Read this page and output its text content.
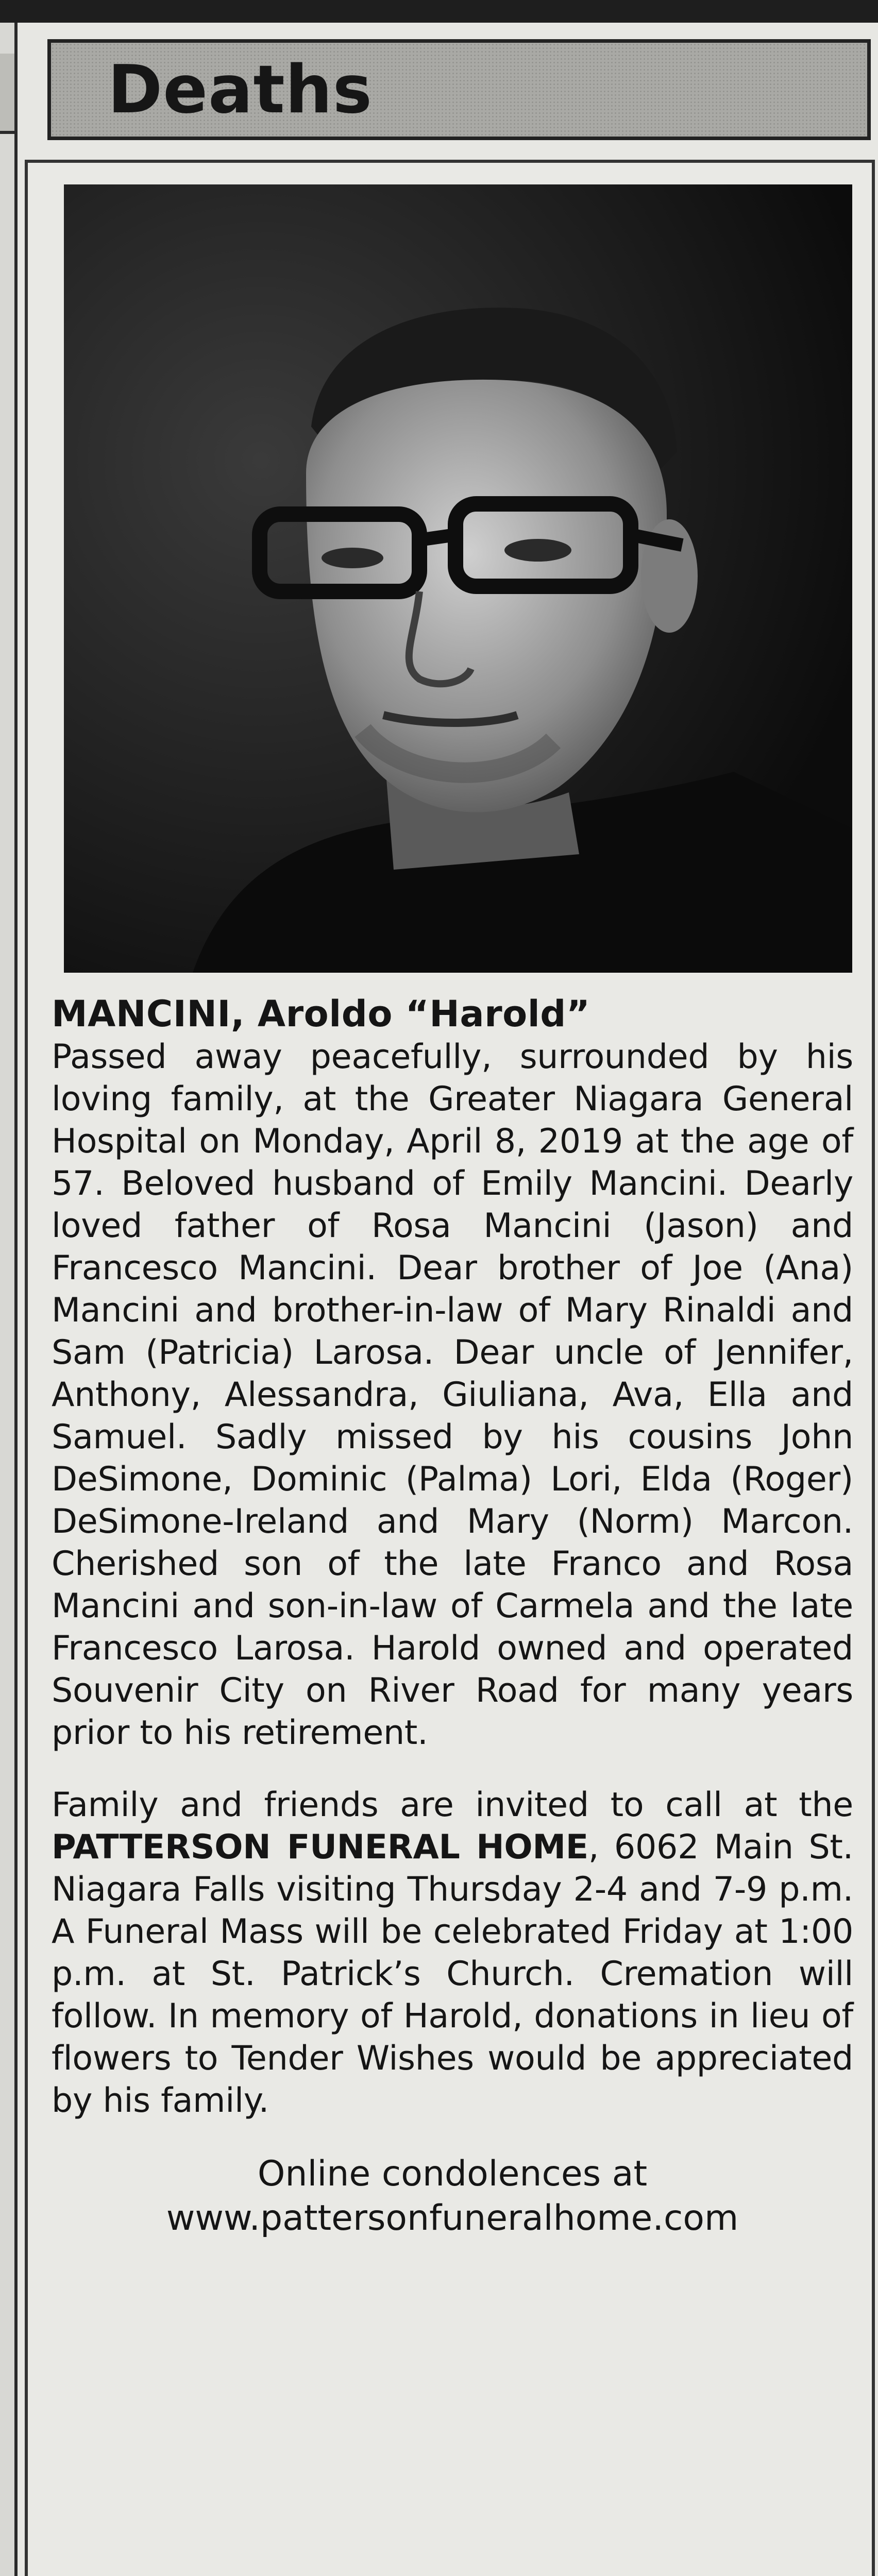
Deaths

MANCINI, Aroldo “Harold”

Passed away peacefully, surrounded by his loving family, at the Greater Niagara General Hospital on Monday, April 8, 2019 at the age of 57. Beloved husband of Emily Mancini. Dearly loved father of Rosa Mancini (Jason) and Francesco Mancini. Dear brother of Joe (Ana) Mancini and brother-in-law of Mary Rinaldi and Sam (Patricia) Larosa. Dear uncle of Jennifer, Anthony, Alessandra, Giuliana, Ava, Ella and Samuel. Sadly missed by his cousins John DeSimone, Dominic (Palma) Lori, Elda (Roger) DeSimone-Ireland and Mary (Norm) Marcon. Cherished son of the late Franco and Rosa Mancini and son-in-law of Carmela and the late Francesco Larosa. Harold owned and operated Souvenir City on River Road for many years prior to his retirement.

Family and friends are invited to call at the PATTERSON FUNERAL HOME, 6062 Main St. Niagara Falls visiting Thursday 2-4 and 7-9 p.m. A Funeral Mass will be celebrated Friday at 1:00 p.m. at St. Patrick’s Church. Cremation will follow. In memory of Harold, donations in lieu of flowers to Tender Wishes would be appreciated by his family.

Online condolences at
www.pattersonfuneralhome.com
